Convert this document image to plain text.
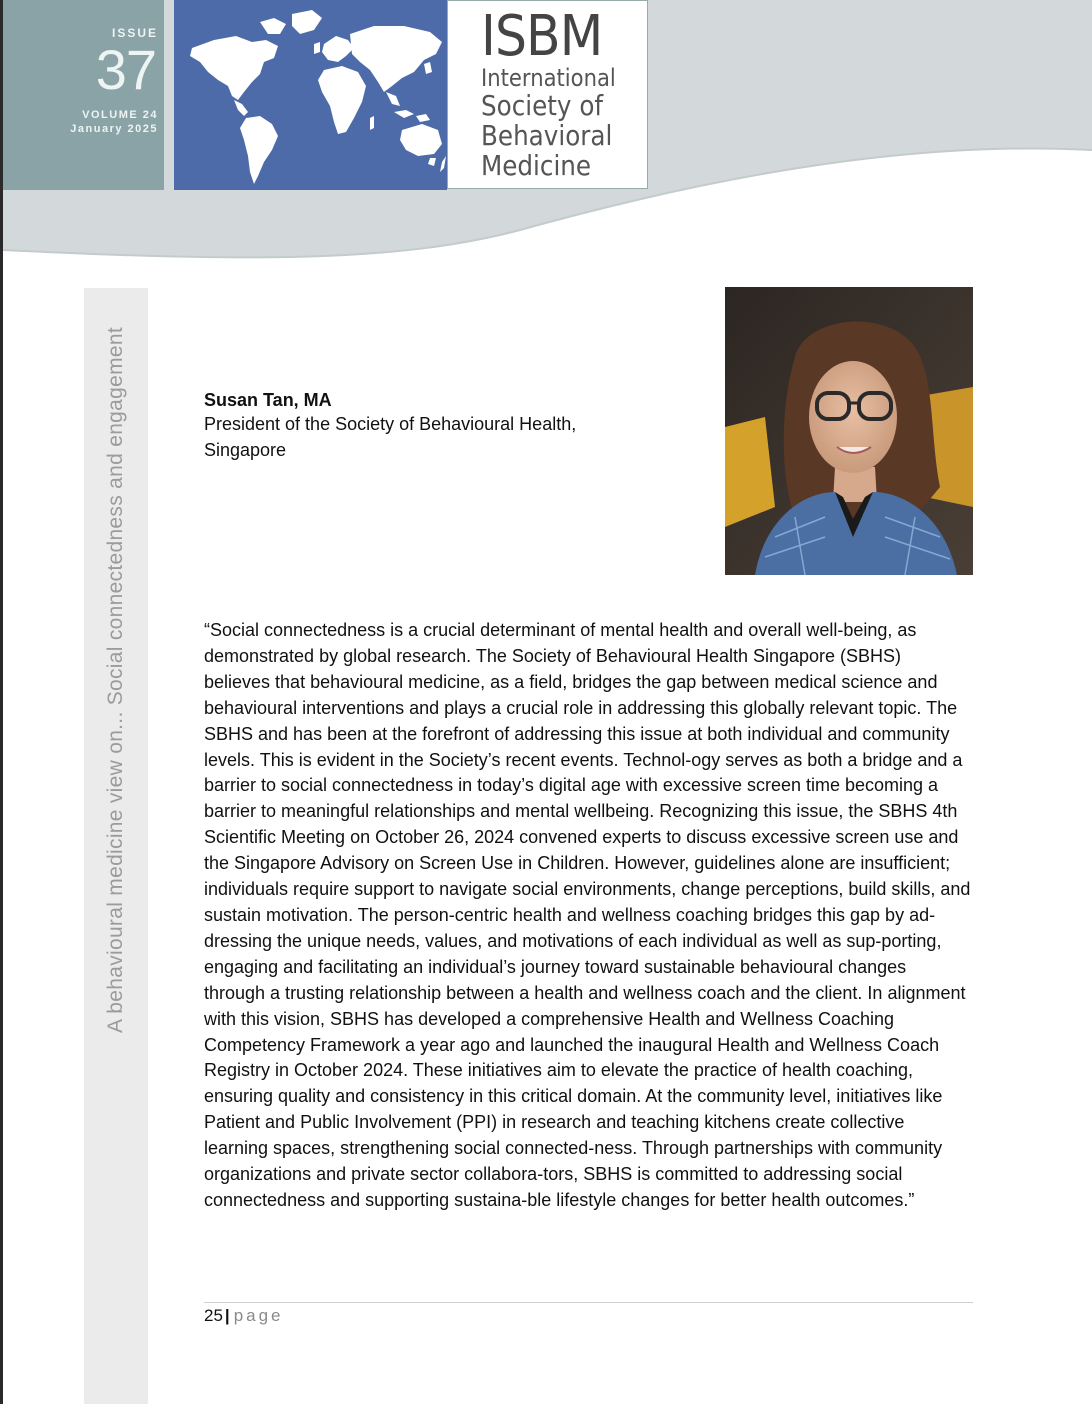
ISSUE
37
VOLUME 24
January 2025
ISBM
International
Society of
Behavioral
Medicine
A behavioural medicine view on... Social connectedness and engagement	Susan Tan, MA
President of the Society of Behavioural Health, Singapore

“Social connectedness is a crucial determinant of mental health and overall well-being, as demonstrated by global research. The Society of Behavioural Health Singapore (SBHS) believes that behavioural medicine, as a field, bridges the gap between medical science and behavioural interventions and plays a crucial role in addressing this globally relevant topic. The SBHS and has been at the forefront of addressing this issue at both individual and community levels. This is evident in the Society’s recent events. Technol-ogy serves as both a bridge and a barrier to social connectedness in today’s digital age with excessive screen time becoming a barrier to meaningful relationships and mental wellbeing. Recognizing this issue, the SBHS 4th Scientific Meeting on October 26, 2024 convened experts to discuss excessive screen use and the Singapore Advisory on Screen Use in Children. However, guidelines alone are insufficient; individuals require support to navigate social environments, change perceptions, build skills, and sustain motivation. The person-centric health and wellness coaching bridges this gap by ad-dressing the unique needs, values, and motivations of each individual as well as sup-porting, engaging and facilitating an individual’s journey toward sustainable behavioural changes through a trusting relationship between a health and wellness coach and the client. In alignment with this vision, SBHS has developed a comprehensive Health and Wellness Coaching Competency Framework a year ago and launched the inaugural Health and Wellness Coach Registry in October 2024. These initiatives aim to elevate the practice of health coaching, ensuring quality and consistency in this critical domain. At the community level, initiatives like Patient and Public Involvement (PPI) in research and teaching kitchens create collective learning spaces, strengthening social connected-ness. Through partnerships with community organizations and private sector collabora-tors, SBHS is committed to addressing social connectedness and supporting sustaina-ble lifestyle changes for better health outcomes.”

25 | page
